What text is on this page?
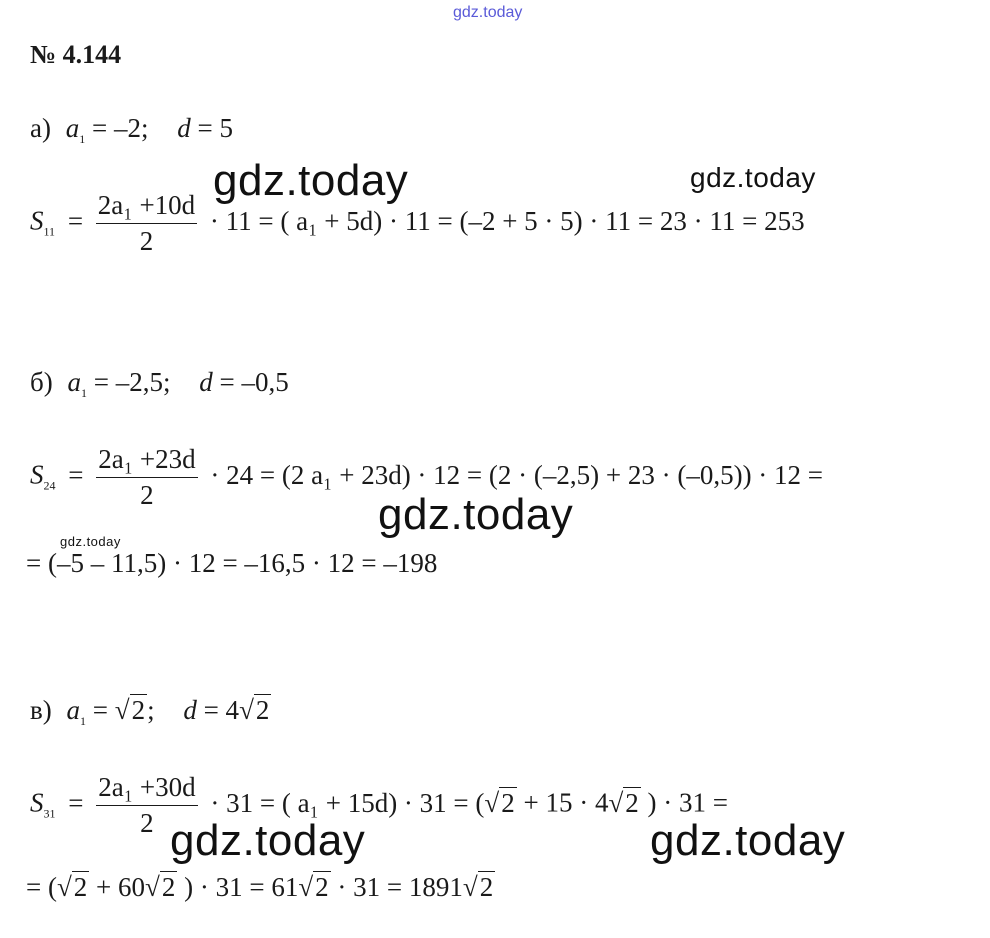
gdz.today
№ 4.144
а) $a_1 = -2$; d = 5
$S_{11} = \frac{\text{2a₁ +10d}}{2} \cdot 11$ = ( a₁ + 5d) · 11 = (–2 + 5 · 5) · 11 = 23 · 11 = 253
gdz.today	gdz.today
б) $a_1 = -2,5$; d = –0,5
$S_{24} = \frac{\text{2a₁ +23d}}{2} \cdot 24 = (2$ a₁ + 23d) · 12 = (2 · (–2,5) + 23 · (–0,5)) · 12 =
gdz.today
gdz.today
= (–5 – 11,5) · 12 = –16,5 · 12 = –198
в) $a_1 = √2$; d = 4√2
$S_{31} = \frac{\text{2a₁ +30d}}{2} \cdot 31$ = ( a₁ + 15d) · 31 = (√2 + 15 · 4√2 ) · 31 =
gdz.today	gdz.today
= (√2 + 60√2 ) · 31 = 61√2 · 31 = 1891√2
